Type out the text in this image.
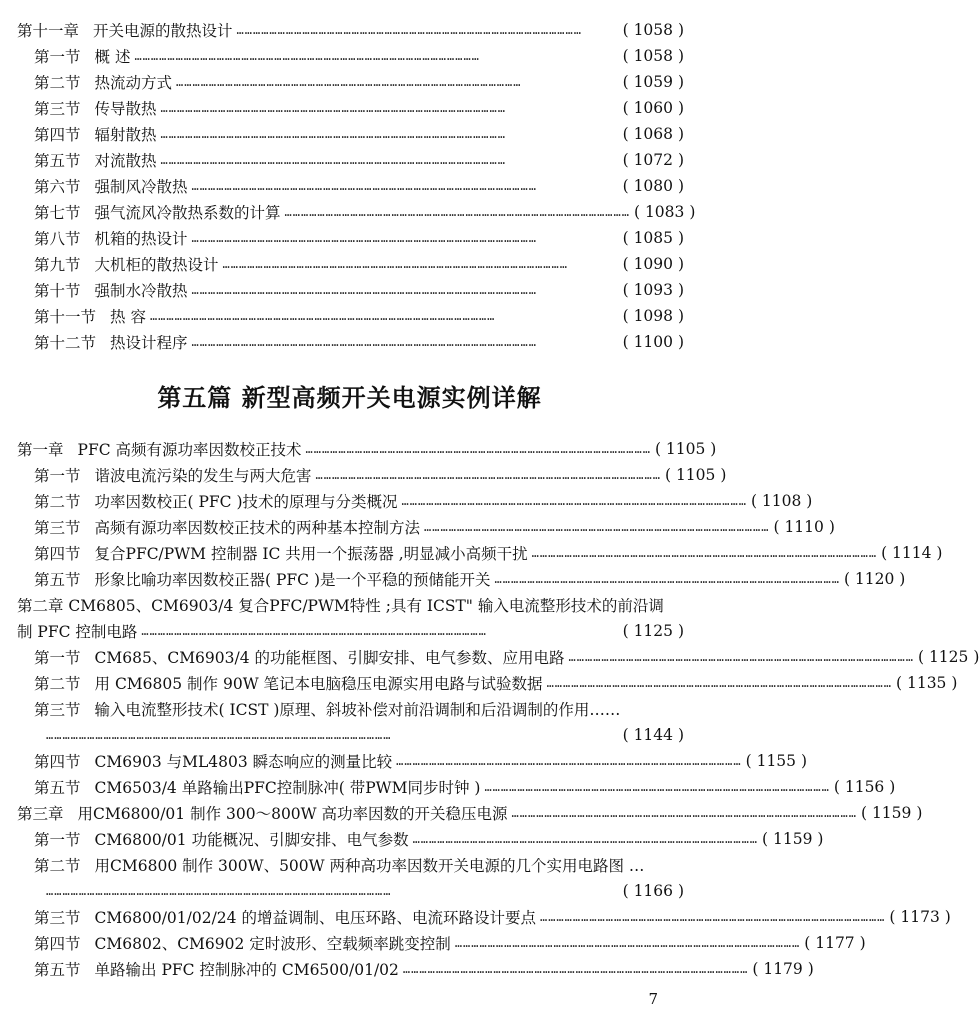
第十一章 开关电源的散热设计 ………………………………………………………………………………………………………………	( 1058 )
第一节 概 述 ………………………………………………………………………………………………………………	( 1058 )
第二节 热流动方式 ………………………………………………………………………………………………………………	( 1059 )
第三节 传导散热 ………………………………………………………………………………………………………………	( 1060 )
第四节 辐射散热 ………………………………………………………………………………………………………………	( 1068 )
第五节 对流散热 ………………………………………………………………………………………………………………	( 1072 )
第六节 强制风冷散热 ………………………………………………………………………………………………………………	( 1080 )
第七节 强气流风冷散热系数的计算 ……………………………………………………………………………………………………………… ( 1083 )
第八节 机箱的热设计 ………………………………………………………………………………………………………………	( 1085 )
第九节 大机柜的散热设计 ………………………………………………………………………………………………………………	( 1090 )
第十节 强制水冷散热 ………………………………………………………………………………………………………………	( 1093 )
第十一节 热 容 ………………………………………………………………………………………………………………	( 1098 )
第十二节 热设计程序 ………………………………………………………………………………………………………………	( 1100 )
第五篇 新型高频开关电源实例详解
第一章 PFC 高频有源功率因数校正技术 ……………………………………………………………………………………………………………… ( 1105 )
第一节 谐波电流污染的发生与两大危害 ……………………………………………………………………………………………………………… ( 1105 )
第二节 功率因数校正( PFC )技术的原理与分类概况 ……………………………………………………………………………………………………………… ( 1108 )
第三节 高频有源功率因数校正技术的两种基本控制方法 ……………………………………………………………………………………………………………… ( 1110 )
第四节 复合PFC/PWM 控制器 IC 共用一个振荡器 ,明显减小高频干扰 ……………………………………………………………………………………………………………… ( 1114 )
第五节 形象比喻功率因数校正器( PFC )是一个平稳的预储能开关 ……………………………………………………………………………………………………………… ( 1120 )
第二章 CM6805、CM6903/4 复合PFC/PWM特性 ;具有 ICST" 输入电流整形技术的前沿调
制 PFC 控制电路 ………………………………………………………………………………………………………………	( 1125 )
第一节 CM685、CM6903/4 的功能框图、引脚安排、电气参数、应用电路 ……………………………………………………………………………………………………………… ( 1125 )
第二节 用 CM6805 制作 90W 笔记本电脑稳压电源实用电路与试验数据 ……………………………………………………………………………………………………………… ( 1135 )
第三节 输入电流整形技术( ICST )原理、斜坡补偿对前沿调制和后沿调制的作用……
………………………………………………………………………………………………………………	( 1144 )
第四节 CM6903 与ML4803 瞬态响应的测量比较 ……………………………………………………………………………………………………………… ( 1155 )
第五节 CM6503/4 单路输出PFC控制脉冲( 带PWM同步时钟 ) ……………………………………………………………………………………………………………… ( 1156 )
第三章 用CM6800/01 制作 300～800W 高功率因数的开关稳压电源 ……………………………………………………………………………………………………………… ( 1159 )
第一节 CM6800/01 功能概况、引脚安排、电气参数 ……………………………………………………………………………………………………………… ( 1159 )
第二节 用CM6800 制作 300W、500W 两种高功率因数开关电源的几个实用电路图 …
………………………………………………………………………………………………………………	( 1166 )
第三节 CM6800/01/02/24 的增益调制、电压环路、电流环路设计要点 ……………………………………………………………………………………………………………… ( 1173 )
第四节 CM6802、CM6902 定时波形、空载频率跳变控制 ……………………………………………………………………………………………………………… ( 1177 )
第五节 单路输出 PFC 控制脉冲的 CM6500/01/02 ……………………………………………………………………………………………………………… ( 1179 )
7
